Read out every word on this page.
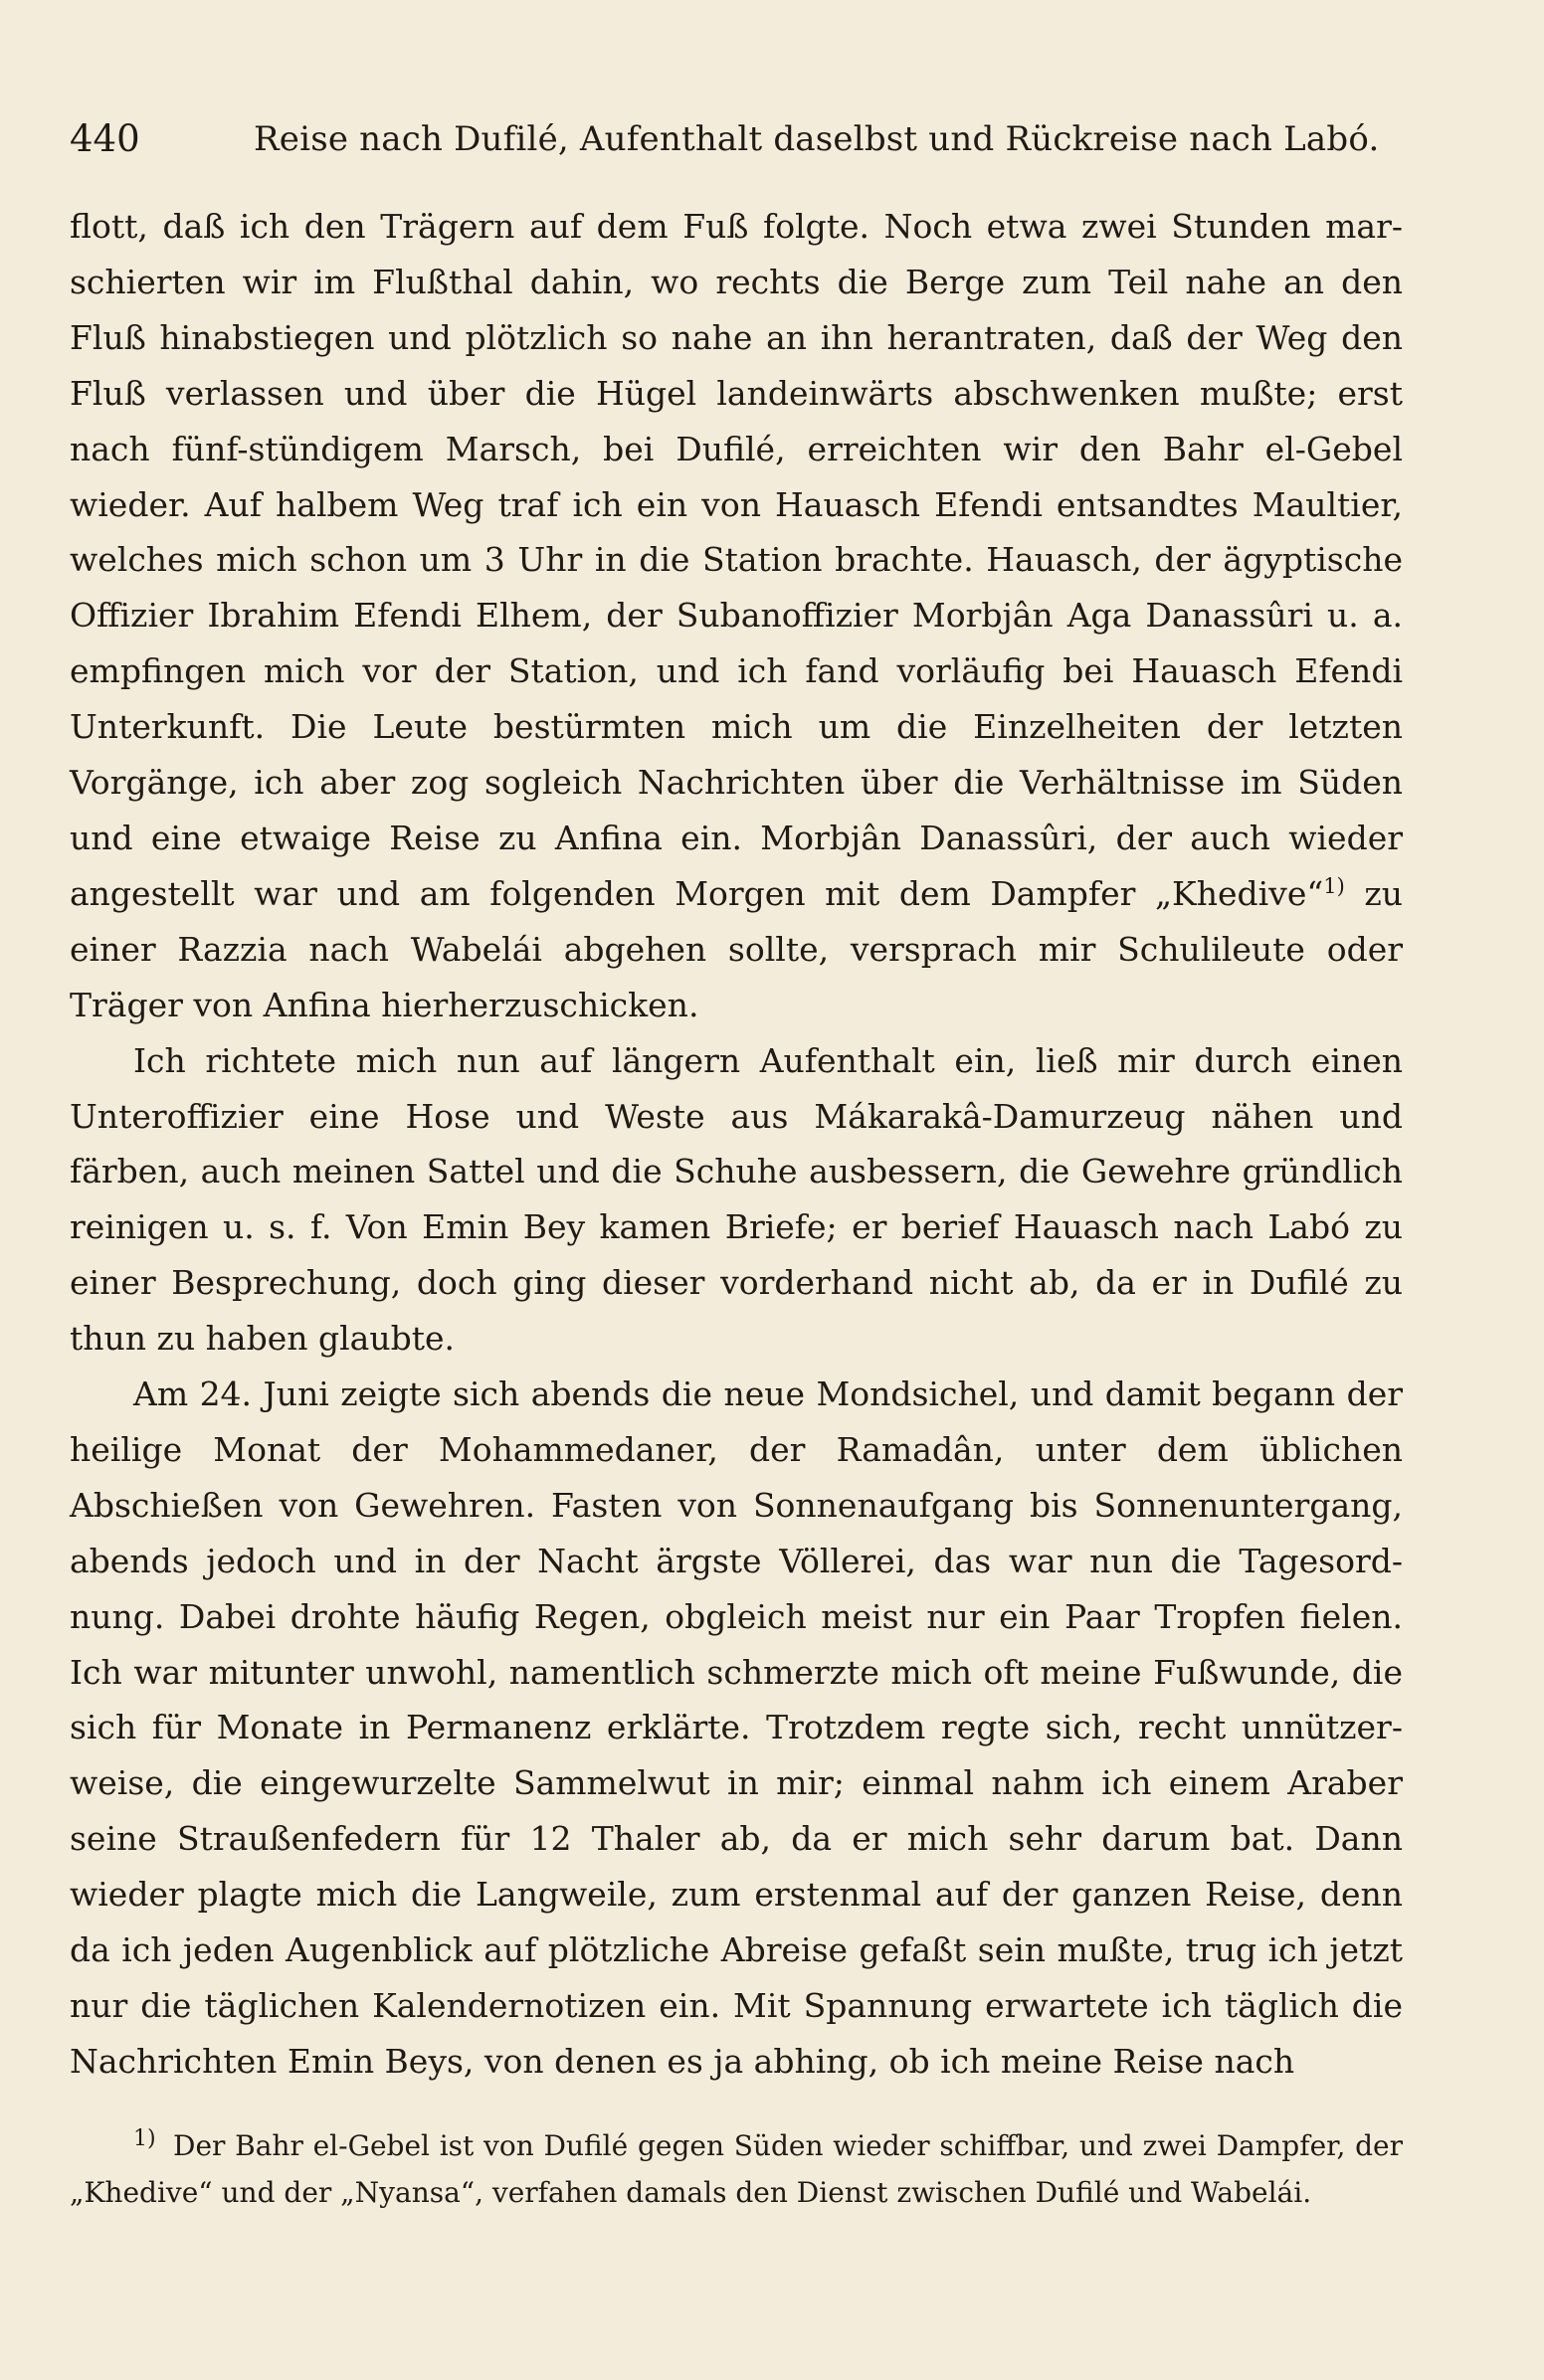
440	Reise nach Dufilé, Aufenthalt daselbst und Rückreise nach Labó.

flott, daß ich den Trägern auf dem Fuß folgte. Noch etwa zwei Stunden mar-schierten wir im Flußthal dahin, wo rechts die Berge zum Teil nahe an den Fluß hinabstiegen und plötzlich so nahe an ihn herantraten, daß der Weg den Fluß verlassen und über die Hügel landeinwärts abschwenken mußte; erst nach fünf-stündigem Marsch, bei Dufilé, erreichten wir den Bahr el-Gebel wieder. Auf halbem Weg traf ich ein von Hauasch Efendi entsandtes Maultier, welches mich schon um 3 Uhr in die Station brachte. Hauasch, der ägyptische Offizier Ibrahim Efendi Elhem, der Subanoffizier Morbjân Aga Danassûri u. a. empfingen mich vor der Station, und ich fand vorläufig bei Hauasch Efendi Unterkunft. Die Leute bestürmten mich um die Einzelheiten der letzten Vorgänge, ich aber zog sogleich Nachrichten über die Verhältnisse im Süden und eine etwaige Reise zu Anfina ein. Morbjân Danassûri, der auch wieder angestellt war und am folgenden Morgen mit dem Dampfer „Khedive“$^{1)}$ zu einer Razzia nach Wabelái abgehen sollte, versprach mir Schulileute oder Träger von Anfina hierherzuschicken.

Ich richtete mich nun auf längern Aufenthalt ein, ließ mir durch einen Unteroffizier eine Hose und Weste aus Mákarakâ-Damurzeug nähen und färben, auch meinen Sattel und die Schuhe ausbessern, die Gewehre gründlich reinigen u. s. f. Von Emin Bey kamen Briefe; er berief Hauasch nach Labó zu einer Besprechung, doch ging dieser vorderhand nicht ab, da er in Dufilé zu thun zu haben glaubte.

Am 24. Juni zeigte sich abends die neue Mondsichel, und damit begann der heilige Monat der Mohammedaner, der Ramadân, unter dem üblichen Abschießen von Gewehren. Fasten von Sonnenaufgang bis Sonnenuntergang, abends jedoch und in der Nacht ärgste Völlerei, das war nun die Tagesord-nung. Dabei drohte häufig Regen, obgleich meist nur ein Paar Tropfen fielen. Ich war mitunter unwohl, namentlich schmerzte mich oft meine Fußwunde, die sich für Monate in Permanenz erklärte. Trotzdem regte sich, recht unnützer-weise, die eingewurzelte Sammelwut in mir; einmal nahm ich einem Araber seine Straußenfedern für 12 Thaler ab, da er mich sehr darum bat. Dann wieder plagte mich die Langweile, zum erstenmal auf der ganzen Reise, denn da ich jeden Augenblick auf plötzliche Abreise gefaßt sein mußte, trug ich jetzt nur die täglichen Kalendernotizen ein. Mit Spannung erwartete ich täglich die Nachrichten Emin Beys, von denen es ja abhing, ob ich meine Reise nach

1) Der Bahr el-Gebel ist von Dufilé gegen Süden wieder schiffbar, und zwei Dampfer, der „Khedive“ und der „Nyansa“, verfahen damals den Dienst zwischen Dufilé und Wabelái.
